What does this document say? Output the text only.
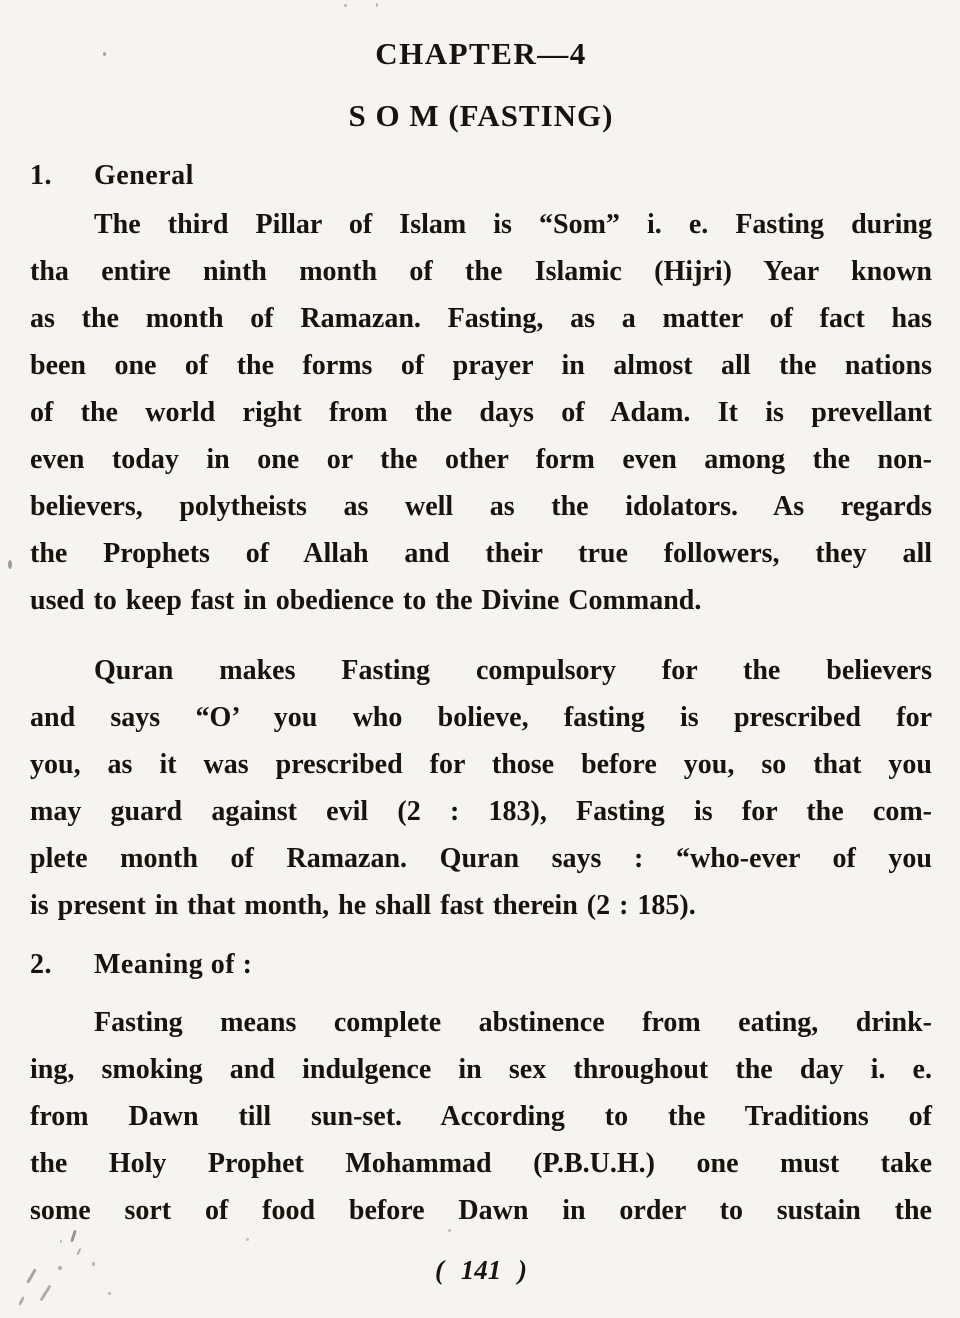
CHAPTER—4
S O M (FASTING)
1.	General
The third Pillar of Islam is “Som” i. e. Fasting during
tha entire ninth month of the Islamic (Hijri) Year known
as the month of Ramazan. Fasting, as a matter of fact has
been one of the forms of prayer in almost all the nations
of the world right from the days of Adam. It is prevellant
even today in one or the other form even among the non-
believers, polytheists as well as the idolators. As regards
the Prophets of Allah and their true followers, they all
used to keep fast in obedience to the Divine Command.
Quran makes Fasting compulsory for the believers
and says “O’ you who bolieve, fasting is prescribed for
you, as it was prescribed for those before you, so that you
may guard against evil (2 : 183), Fasting is for the com-
plete month of Ramazan. Quran says : “who-ever of you
is present in that month, he shall fast therein (2 : 185).
2.	Meaning of :
Fasting means complete abstinence from eating, drink-
ing, smoking and indulgence in sex throughout the day i. e.
from Dawn till sun-set. According to the Traditions of
the Holy Prophet Mohammad (P.B.U.H.) one must take
some sort of food before Dawn in order to sustain the
( 141 )
